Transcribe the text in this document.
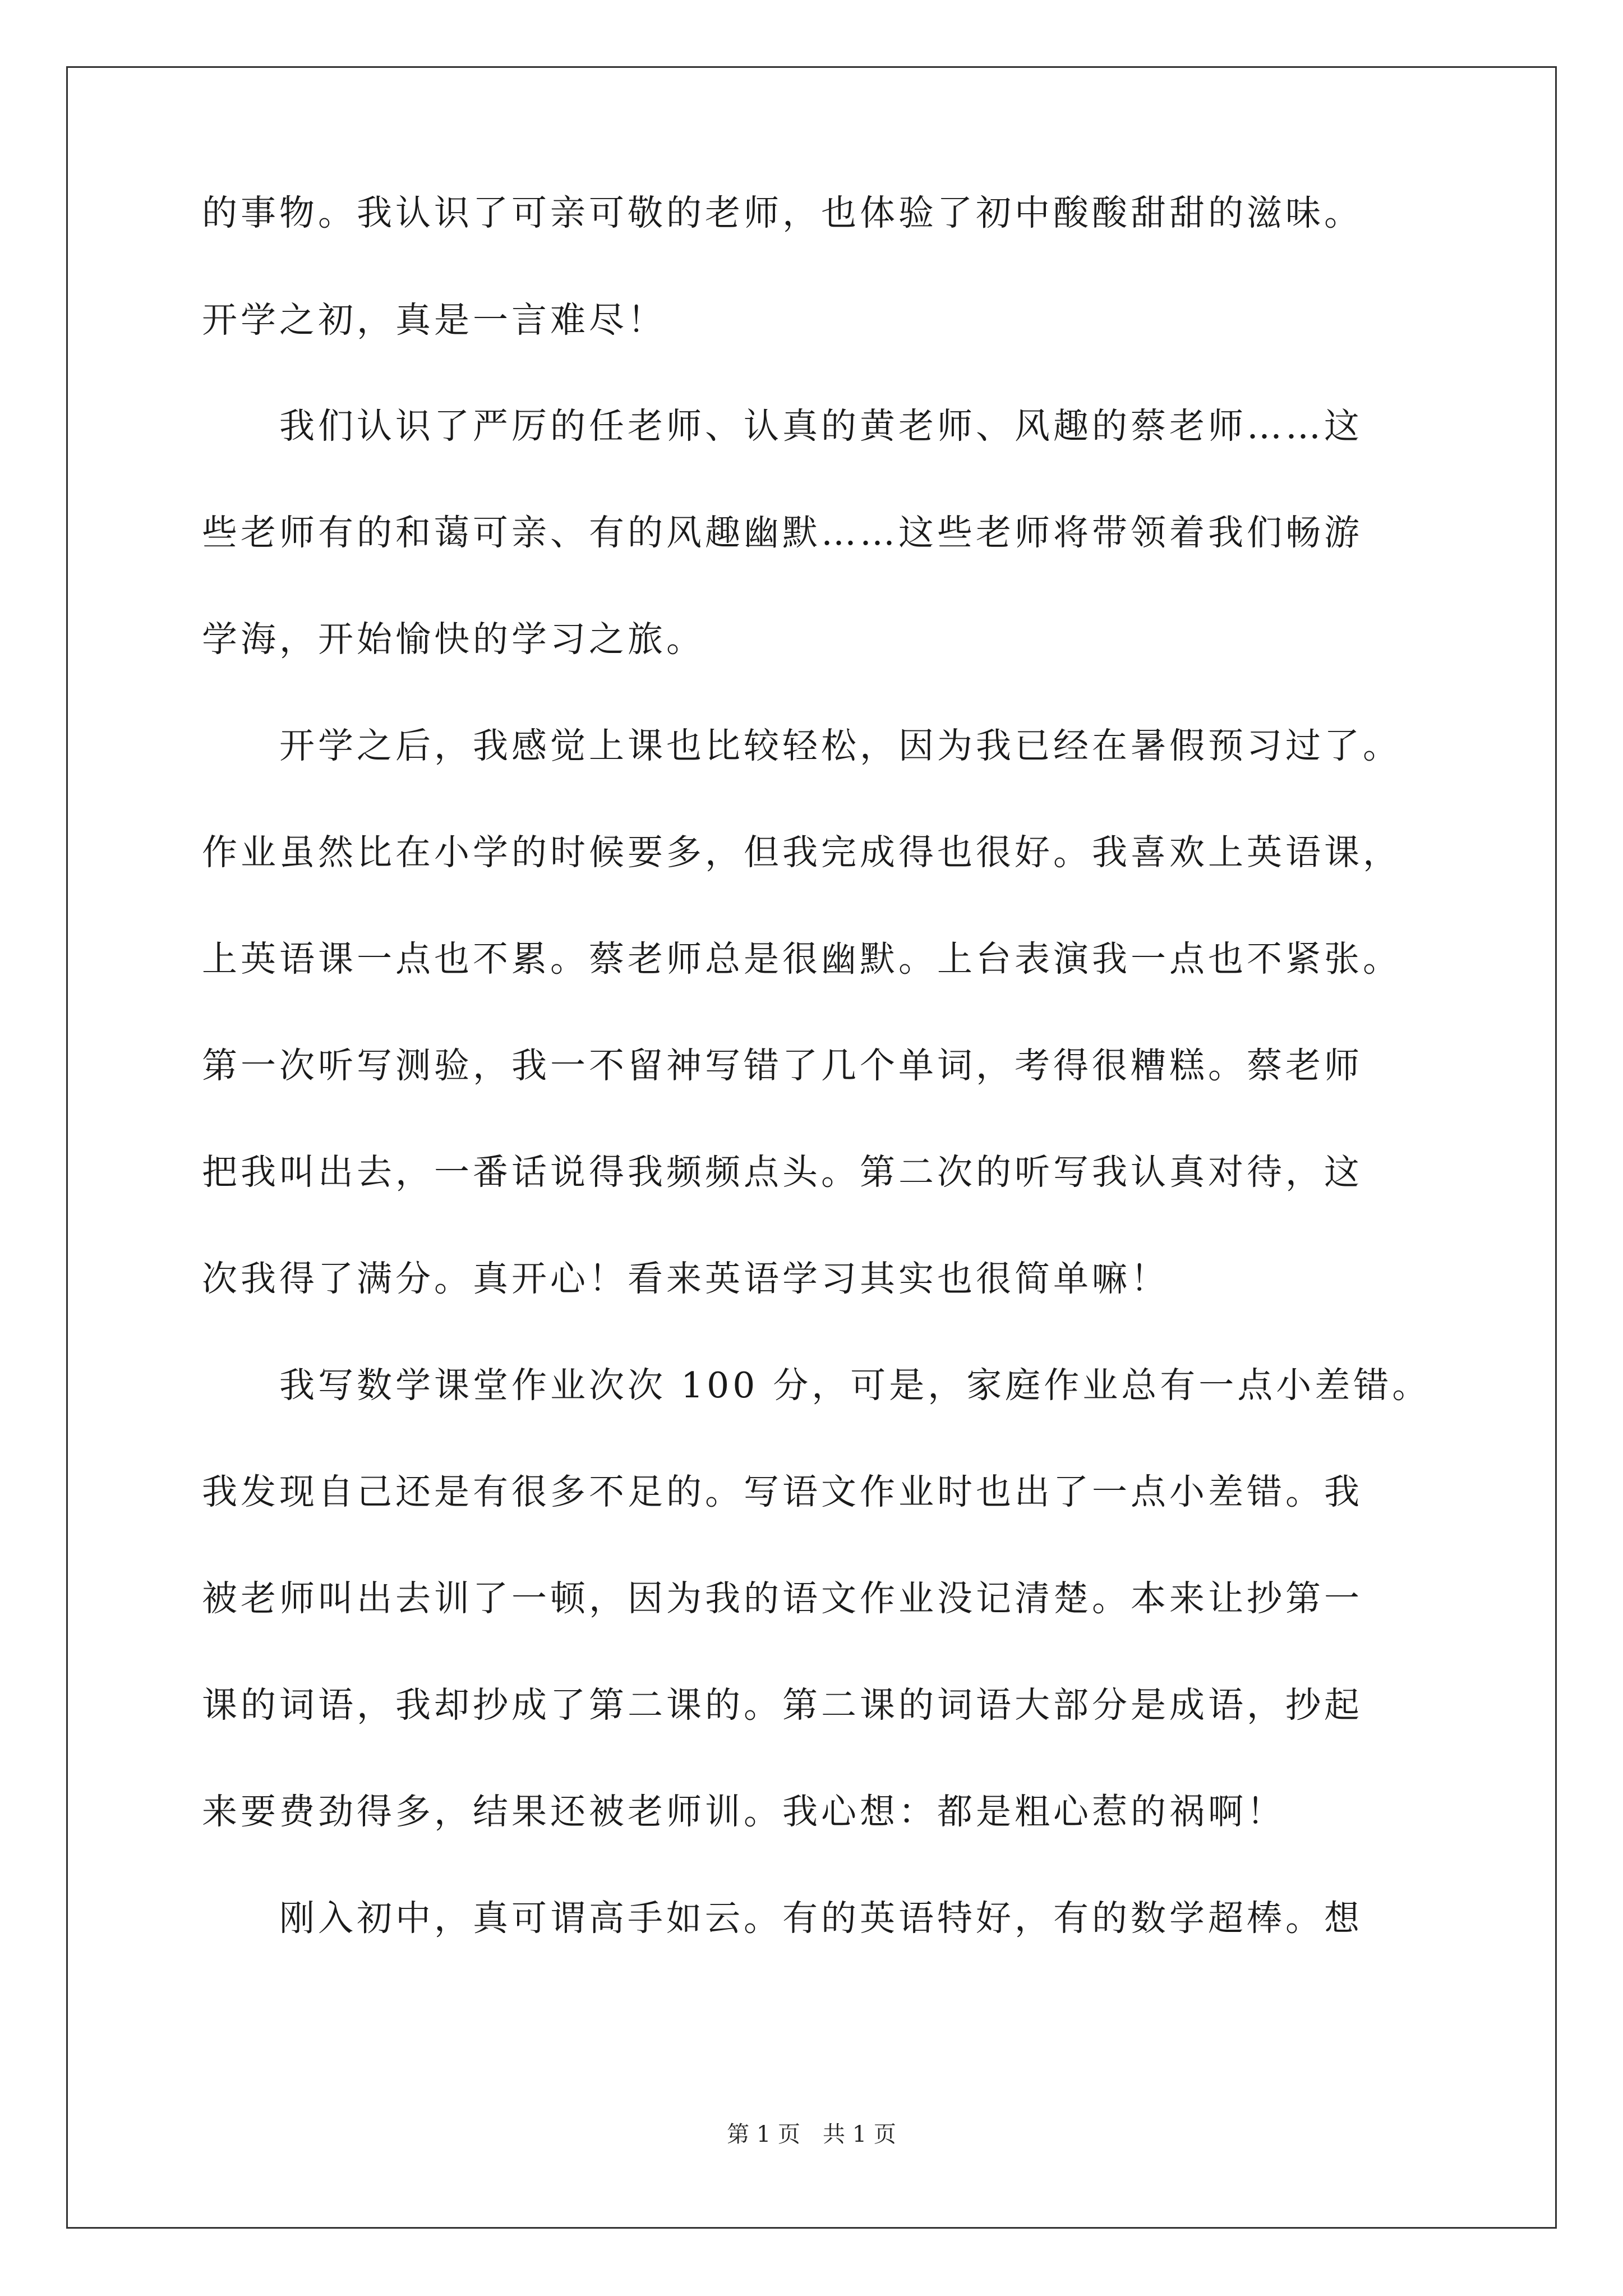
的事物。我认识了可亲可敬的老师，也体验了初中酸酸甜甜的滋味。
开学之初，真是一言难尽！
　　我们认识了严厉的任老师、认真的黄老师、风趣的蔡老师……这
些老师有的和蔼可亲、有的风趣幽默……这些老师将带领着我们畅游
学海，开始愉快的学习之旅。
　　开学之后，我感觉上课也比较轻松，因为我已经在暑假预习过了。
作业虽然比在小学的时候要多，但我完成得也很好。我喜欢上英语课，
上英语课一点也不累。蔡老师总是很幽默。上台表演我一点也不紧张。
第一次听写测验，我一不留神写错了几个单词，考得很糟糕。蔡老师
把我叫出去，一番话说得我频频点头。第二次的听写我认真对待，这
次我得了满分。真开心！看来英语学习其实也很简单嘛！
　　我写数学课堂作业次次 100 分，可是，家庭作业总有一点小差错。
我发现自己还是有很多不足的。写语文作业时也出了一点小差错。我
被老师叫出去训了一顿，因为我的语文作业没记清楚。本来让抄第一
课的词语，我却抄成了第二课的。第二课的词语大部分是成语，抄起
来要费劲得多，结果还被老师训。我心想：都是粗心惹的祸啊！
　　刚入初中，真可谓高手如云。有的英语特好，有的数学超棒。想
第 1 页　共 1 页
